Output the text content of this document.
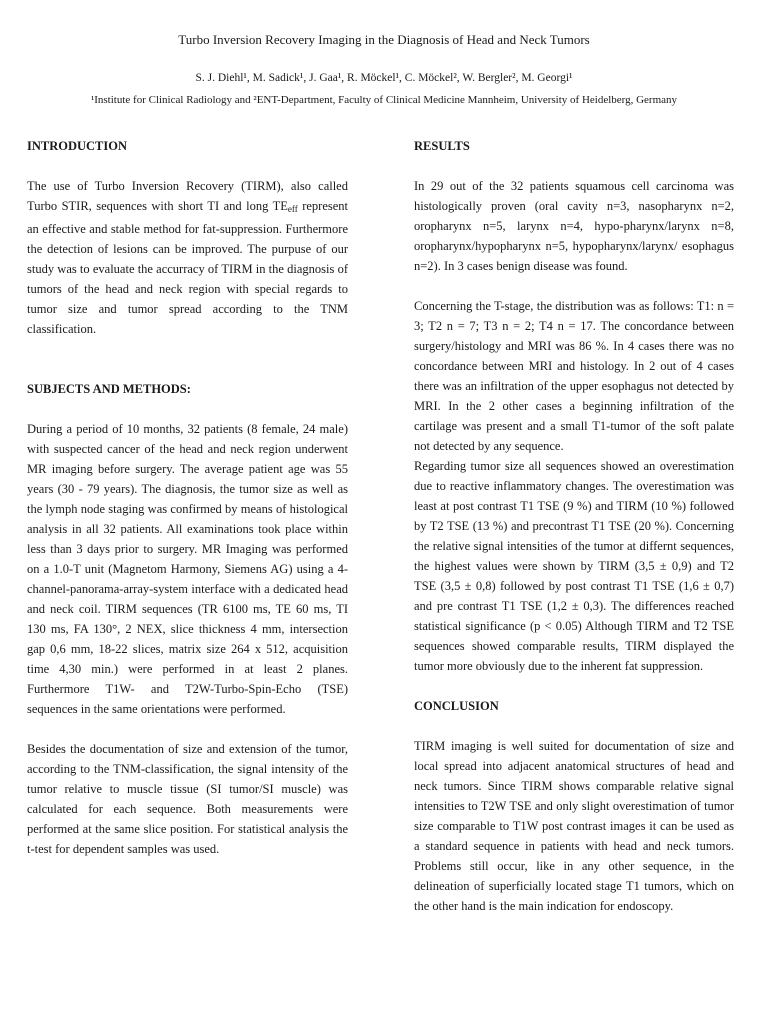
Turbo Inversion Recovery Imaging in the Diagnosis of Head and Neck Tumors
S. J. Diehl¹, M. Sadick¹, J. Gaa¹, R. Möckel¹, C. Möckel², W. Bergler², M. Georgi¹
¹Institute for Clinical Radiology and ²ENT-Department, Faculty of Clinical Medicine Mannheim, University of Heidelberg, Germany
INTRODUCTION

The use of Turbo Inversion Recovery (TIRM), also called Turbo STIR, sequences with short TI and long $TE_{eff}$ represent an effective and stable method for fat-suppression. Furthermore the detection of lesions can be improved. The purpuse of our study was to evaluate the accurracy of TIRM in the diagnosis of tumors of the head and neck region with special regards to tumor size and tumor spread according to the TNM classification.

SUBJECTS AND METHODS:

During a period of 10 months, 32 patients (8 female, 24 male) with suspected cancer of the head and neck region underwent MR imaging before surgery. The average patient age was 55 years (30 - 79 years). The diagnosis, the tumor size as well as the lymph node staging was confirmed by means of histological analysis in all 32 patients. All examinations took place within less than 3 days prior to surgery. MR Imaging was performed on a 1.0-T unit (Magnetom Harmony, Siemens AG) using a 4-channel-panorama-array-system interface with a dedicated head and neck coil. TIRM sequences (TR 6100 ms, TE 60 ms, TI 130 ms, FA 130°, 2 NEX, slice thickness 4 mm, intersection gap 0,6 mm, 18-22 slices, matrix size 264 x 512, acquisition time 4,30 min.) were performed in at least 2 planes. Furthermore T1W- and T2W-Turbo-Spin-Echo (TSE) sequences in the same orientations were performed.

Besides the documentation of size and extension of the tumor, according to the TNM-classification, the signal intensity of the tumor relative to muscle tissue (SI tumor/SI muscle) was calculated for each sequence. Both measurements were performed at the same slice position. For statistical analysis the t-test for dependent samples was used.

RESULTS

In 29 out of the 32 patients squamous cell carcinoma was histologically proven (oral cavity n=3, nasopharynx n=2, oropharynx n=5, larynx n=4, hypo-pharynx/larynx n=8, oropharynx/hypopharynx n=5, hypopharynx/larynx/ esophagus n=2). In 3 cases benign disease was found.

Concerning the T-stage, the distribution was as follows: T1: n = 3; T2 n = 7; T3 n = 2; T4 n = 17. The concordance between surgery/histology and MRI was 86 %. In 4 cases there was no concordance between MRI and histology. In 2 out of 4 cases there was an infiltration of the upper esophagus not detected by MRI. In the 2 other cases a beginning infiltration of the cartilage was present and a small T1-tumor of the soft palate not detected by any sequence.

Regarding tumor size all sequences showed an overestimation due to reactive inflammatory changes. The overestimation was least at post contrast T1 TSE (9 %) and TIRM (10 %) followed by T2 TSE (13 %) and precontrast T1 TSE (20 %). Concerning the relative signal intensities of the tumor at differnt sequences, the highest values were shown by TIRM (3,5 ± 0,9) and T2 TSE (3,5 ± 0,8) followed by post contrast T1 TSE (1,6 ± 0,7) and pre contrast T1 TSE (1,2 ± 0,3). The differences reached statistical significance (p < 0.05) Although TIRM and T2 TSE sequences showed comparable results, TIRM displayed the tumor more obviously due to the inherent fat suppression.

CONCLUSION

TIRM imaging is well suited for documentation of size and local spread into adjacent anatomical structures of head and neck tumors. Since TIRM shows comparable relative signal intensities to T2W TSE and only slight overestimation of tumor size comparable to T1W post contrast images it can be used as a standard sequence in patients with head and neck tumors. Problems still occur, like in any other sequence, in the delineation of superficially located stage T1 tumors, which on the other hand is the main indication for endoscopy.
